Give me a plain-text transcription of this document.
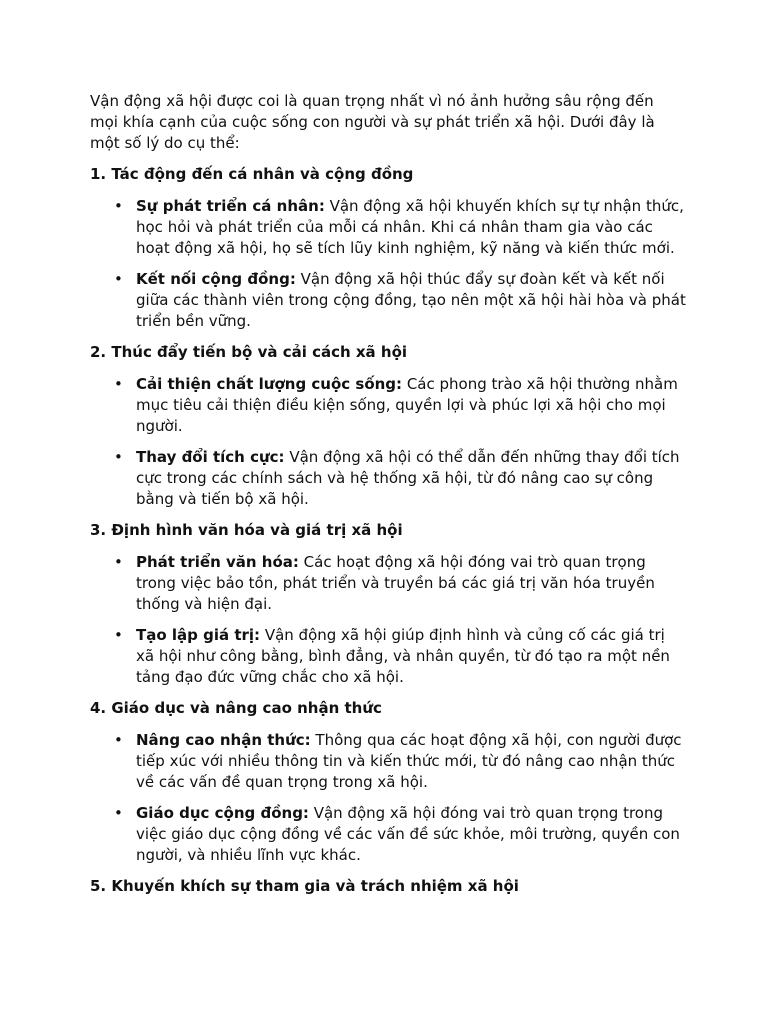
Vận động xã hội được coi là quan trọng nhất vì nó ảnh hưởng sâu rộng đến mọi khía cạnh của cuộc sống con người và sự phát triển xã hội. Dưới đây là một số lý do cụ thể:

1. Tác động đến cá nhân và cộng đồng

• Sự phát triển cá nhân: Vận động xã hội khuyến khích sự tự nhận thức, học hỏi và phát triển của mỗi cá nhân. Khi cá nhân tham gia vào các hoạt động xã hội, họ sẽ tích lũy kinh nghiệm, kỹ năng và kiến thức mới.
• Kết nối cộng đồng: Vận động xã hội thúc đẩy sự đoàn kết và kết nối giữa các thành viên trong cộng đồng, tạo nên một xã hội hài hòa và phát triển bền vững.

2. Thúc đẩy tiến bộ và cải cách xã hội

• Cải thiện chất lượng cuộc sống: Các phong trào xã hội thường nhằm mục tiêu cải thiện điều kiện sống, quyền lợi và phúc lợi xã hội cho mọi người.
• Thay đổi tích cực: Vận động xã hội có thể dẫn đến những thay đổi tích cực trong các chính sách và hệ thống xã hội, từ đó nâng cao sự công bằng và tiến bộ xã hội.

3. Định hình văn hóa và giá trị xã hội

• Phát triển văn hóa: Các hoạt động xã hội đóng vai trò quan trọng trong việc bảo tồn, phát triển và truyền bá các giá trị văn hóa truyền thống và hiện đại.
• Tạo lập giá trị: Vận động xã hội giúp định hình và củng cố các giá trị xã hội như công bằng, bình đẳng, và nhân quyền, từ đó tạo ra một nền tảng đạo đức vững chắc cho xã hội.

4. Giáo dục và nâng cao nhận thức

• Nâng cao nhận thức: Thông qua các hoạt động xã hội, con người được tiếp xúc với nhiều thông tin và kiến thức mới, từ đó nâng cao nhận thức về các vấn đề quan trọng trong xã hội.
• Giáo dục cộng đồng: Vận động xã hội đóng vai trò quan trọng trong việc giáo dục cộng đồng về các vấn đề sức khỏe, môi trường, quyền con người, và nhiều lĩnh vực khác.

5. Khuyến khích sự tham gia và trách nhiệm xã hội
